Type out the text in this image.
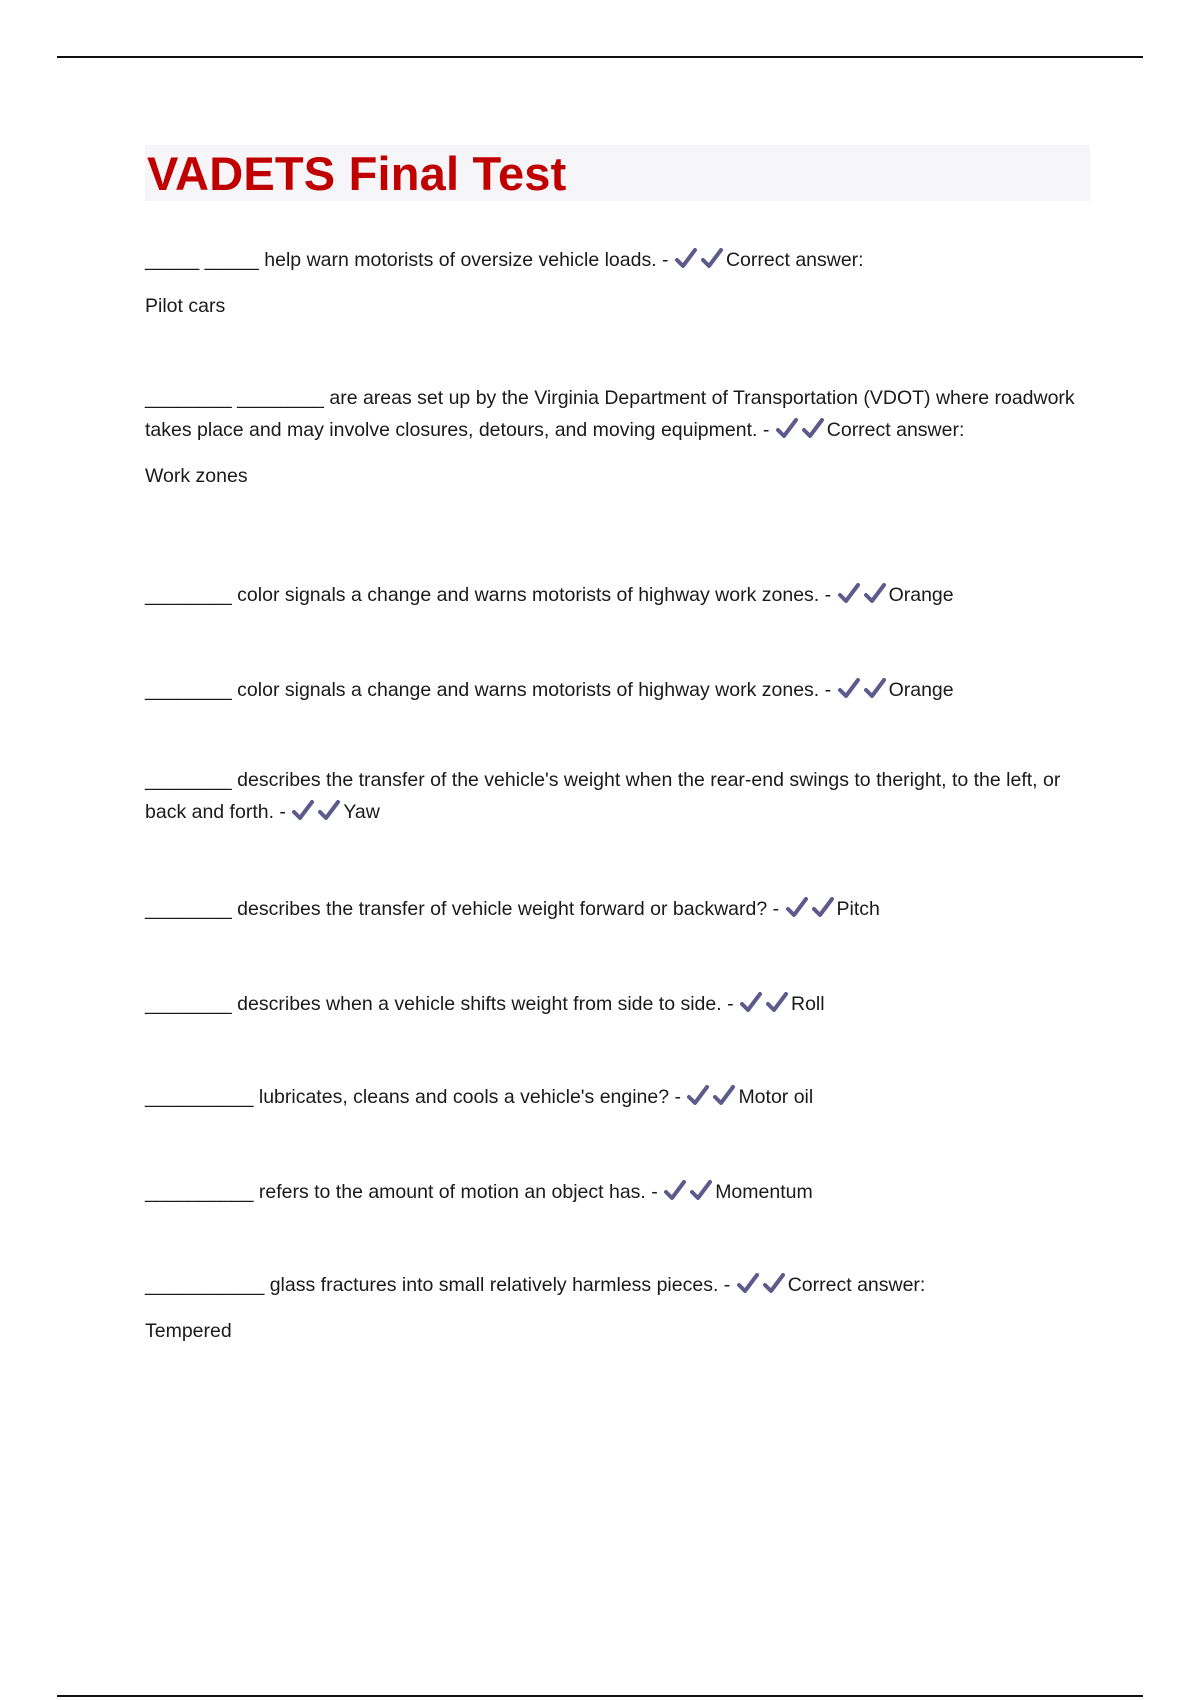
VADETS Final Test

_____ _____ help warn motorists of oversize vehicle loads. -	Correct answer:

Pilot cars

________ ________ are areas set up by the Virginia Department of Transportation (VDOT) where roadwork takes place and may involve closures, detours, and moving equipment. -	Correct answer:

Work zones

________ color signals a change and warns motorists of highway work zones. -	Orange

________ color signals a change and warns motorists of highway work zones. -	Orange

________ describes the transfer of the vehicle's weight when the rear-end swings to theright, to the left, or back and forth. -	Yaw

________ describes the transfer of vehicle weight forward or backward? -	Pitch

________ describes when a vehicle shifts weight from side to side. -	Roll

__________ lubricates, cleans and cools a vehicle's engine? -	Motor oil

__________ refers to the amount of motion an object has. -	Momentum

___________ glass fractures into small relatively harmless pieces. -	Correct answer:

Tempered
